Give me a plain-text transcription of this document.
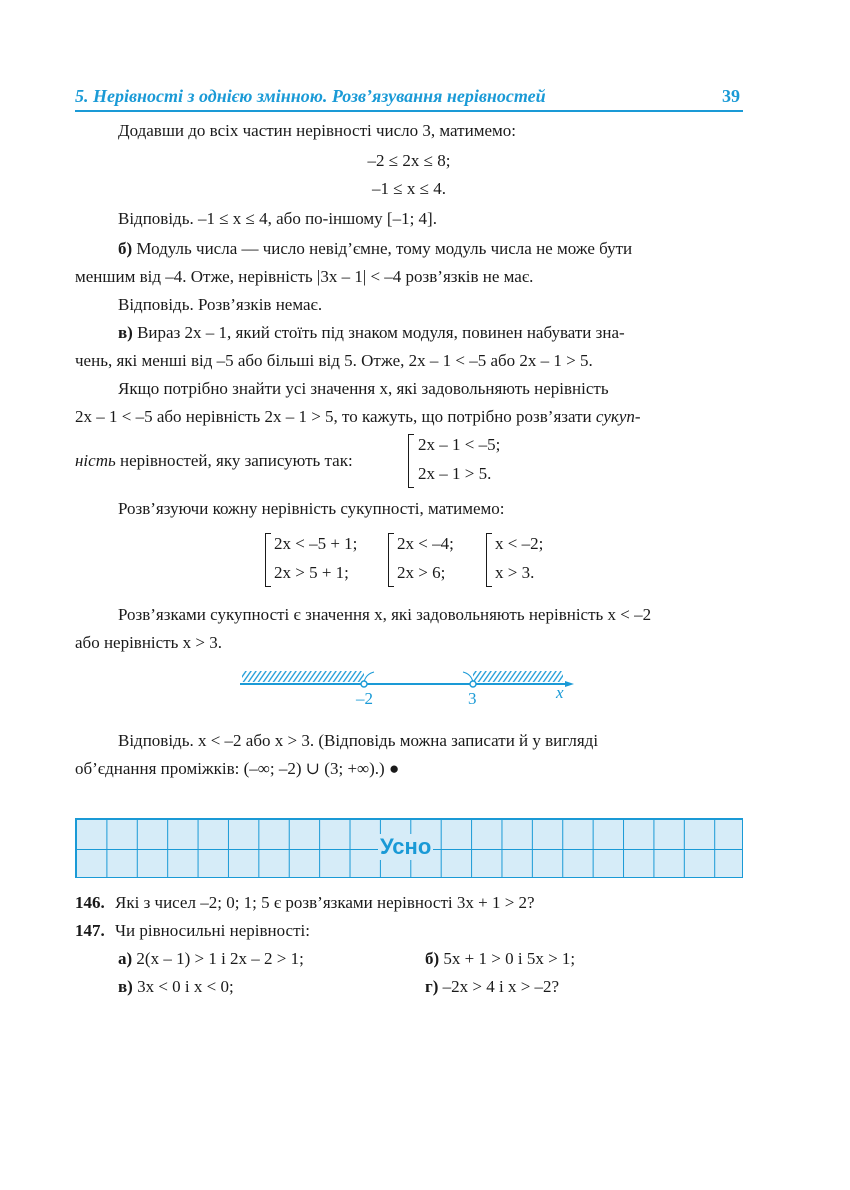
5. Нерівності з однією змінною. Розв’язування нерівностей	39
Додавши до всіх частин нерівності число 3, матимемо:
–2 ≤ 2x ≤ 8;
–1 ≤ x ≤ 4.
Відповідь. –1 ≤ x ≤ 4, або по-іншому [–1; 4].
б) Модуль числа — число невід’ємне, тому модуль числа не може бути
меншим від –4. Отже, нерівність |3x – 1| < –4 розв’язків не має.
Відповідь. Розв’язків немає.
в) Вираз 2x – 1, який стоїть під знаком модуля, повинен набувати зна-
чень, які менші від –5 або більші від 5. Отже, 2x – 1 < –5 або 2x – 1 > 5.
Якщо потрібно знайти усі значення x, які задовольняють нерівність
2x – 1 < –5 або нерівність 2x – 1 > 5, то кажуть, що потрібно розв’язати сукуп-
ність нерівностей, яку записують так:
2x – 1 < –5;
2x – 1 > 5.
Розв’язуючи кожну нерівність сукупності, матимемо:
2x < –5 + 1;
2x > 5 + 1;
2x < –4;
2x > 6;
x < –2;
x > 3.
Розв’язками сукупності є значення x, які задовольняють нерівність x < –2
або нерівність x > 3.
–2	3	x
Відповідь. x < –2 або x > 3. (Відповідь можна записати й у вигляді
об’єднання проміжків: (–∞; –2) ∪ (3; +∞).) ●
Усно
146. Які з чисел –2; 0; 1; 5 є розв’язками нерівності 3x + 1 > 2?
147. Чи рівносильні нерівності:
а) 2(x – 1) > 1 і 2x – 2 > 1;	б) 5x + 1 > 0 і 5x > 1;
в) 3x < 0 і x < 0;	г) –2x > 4 і x > –2?
